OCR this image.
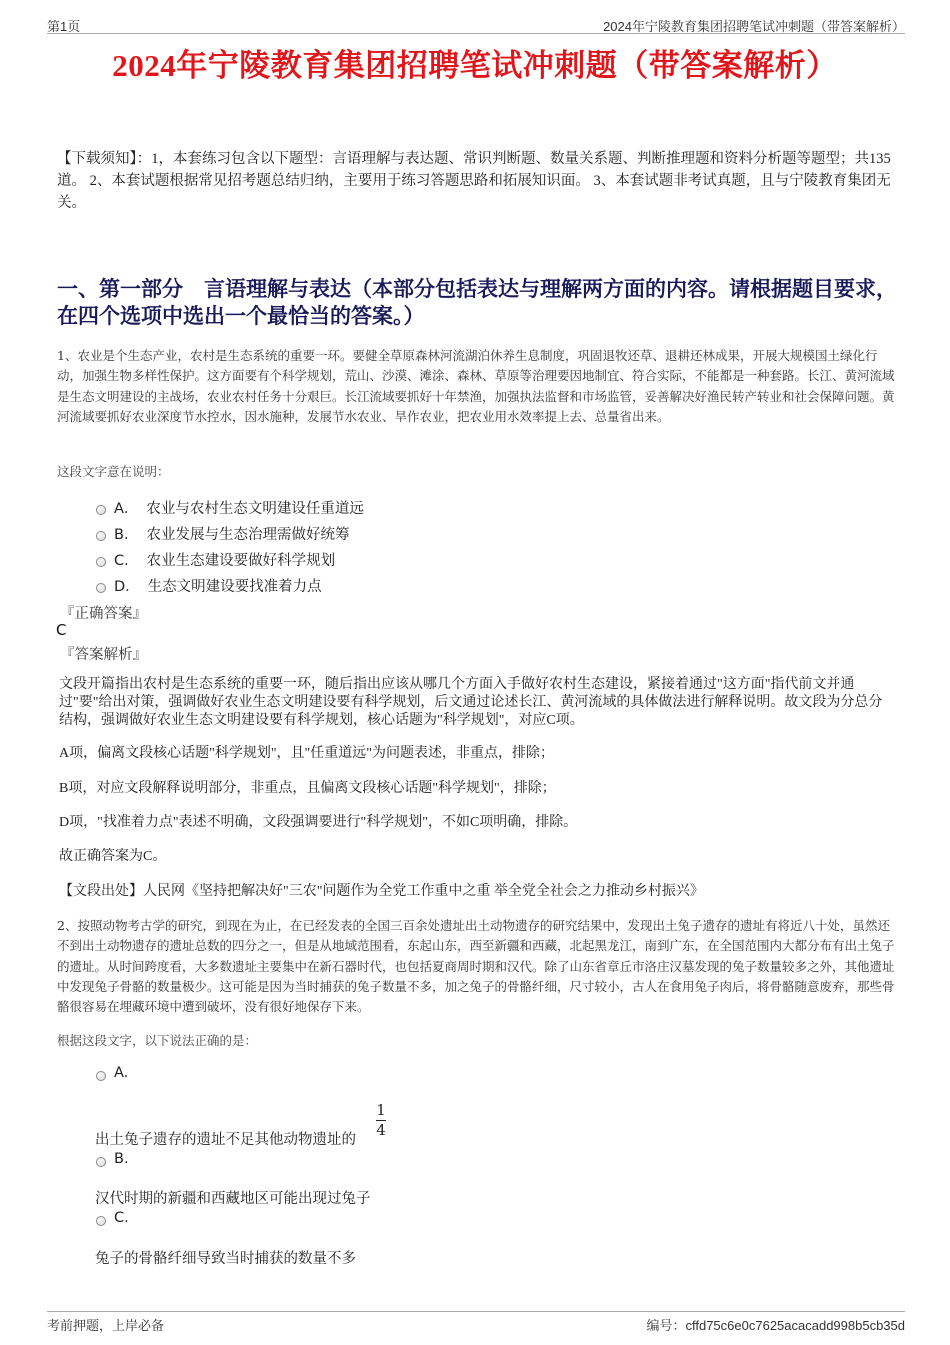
第1页	2024年宁陵教育集团招聘笔试冲刺题（带答案解析）
2024年宁陵教育集团招聘笔试冲刺题（带答案解析）

【下载须知】：1，本套练习包含以下题型：言语理解与表达题、常识判断题、数量关系题、判断推理题和资料分析题等题型；共135道。 2、本套试题根据常见招考题总结归纳，主要用于练习答题思路和拓展知识面。 3、本套试题非考试真题，且与宁陵教育集团无关。

一、第一部分　言语理解与表达（本部分包括表达与理解两方面的内容。请根据题目要求，在四个选项中选出一个最恰当的答案。）

1、农业是个生态产业，农村是生态系统的重要一环。要健全草原森林河流湖泊休养生息制度，巩固退牧还草、退耕还林成果，开展大规模国土绿化行动，加强生物多样性保护。这方面要有个科学规划，荒山、沙漠、滩涂、森林、草原等治理要因地制宜、符合实际，不能都是一种套路。长江、黄河流域是生态文明建设的主战场，农业农村任务十分艰巨。长江流域要抓好十年禁渔，加强执法监督和市场监管，妥善解决好渔民转产转业和社会保障问题。黄河流域要抓好农业深度节水控水，因水施种，发展节水农业、旱作农业，把农业用水效率提上去、总量省出来。

这段文字意在说明：

A． 农业与农村生态文明建设任重道远
B． 农业发展与生态治理需做好统筹
C． 农业生态建设要做好科学规划
D． 生态文明建设要找准着力点
『正确答案』
C
『答案解析』

文段开篇指出农村是生态系统的重要一环，随后指出应该从哪几个方面入手做好农村生态建设，紧接着通过"这方面"指代前文并通过"要"给出对策，强调做好农业生态文明建设要有科学规划，后文通过论述长江、黄河流域的具体做法进行解释说明。故文段为分总分结构，强调做好农业生态文明建设要有科学规划，核心话题为"科学规划"，对应C项。

A项，偏离文段核心话题"科学规划"，且"任重道远"为问题表述，非重点，排除；

B项，对应文段解释说明部分，非重点，且偏离文段核心话题"科学规划"，排除；

D项，"找准着力点"表述不明确，文段强调要进行"科学规划"，不如C项明确，排除。

故正确答案为C。

【文段出处】人民网《坚持把解决好"三农"问题作为全党工作重中之重 举全党全社会之力推动乡村振兴》

2、按照动物考古学的研究，到现在为止，在已经发表的全国三百余处遗址出土动物遗存的研究结果中，发现出土兔子遗存的遗址有将近八十处，虽然还不到出土动物遗存的遗址总数的四分之一，但是从地域范围看，东起山东，西至新疆和西藏，北起黑龙江，南到广东，在全国范围内大都分布有出土兔子的遗址。从时间跨度看，大多数遗址主要集中在新石器时代，也包括夏商周时期和汉代。除了山东省章丘市洛庄汉墓发现的兔子数量较多之外，其他遗址中发现兔子骨骼的数量极少。这可能是因为当时捕获的兔子数量不多，加之兔子的骨骼纤细，尺寸较小，古人在食用兔子肉后，将骨骼随意废弃，那些骨骼很容易在埋藏环境中遭到破坏，没有很好地保存下来。

根据这段文字，以下说法正确的是：

A.

出土兔子遗存的遗址不足其他动物遗址的

1
4
B.

汉代时期的新疆和西藏地区可能出现过兔子

C.

兔子的骨骼纤细导致当时捕获的数量不多

考前押题，上岸必备	编号：cffd75c6e0c7625acacadd998b5cb35d
